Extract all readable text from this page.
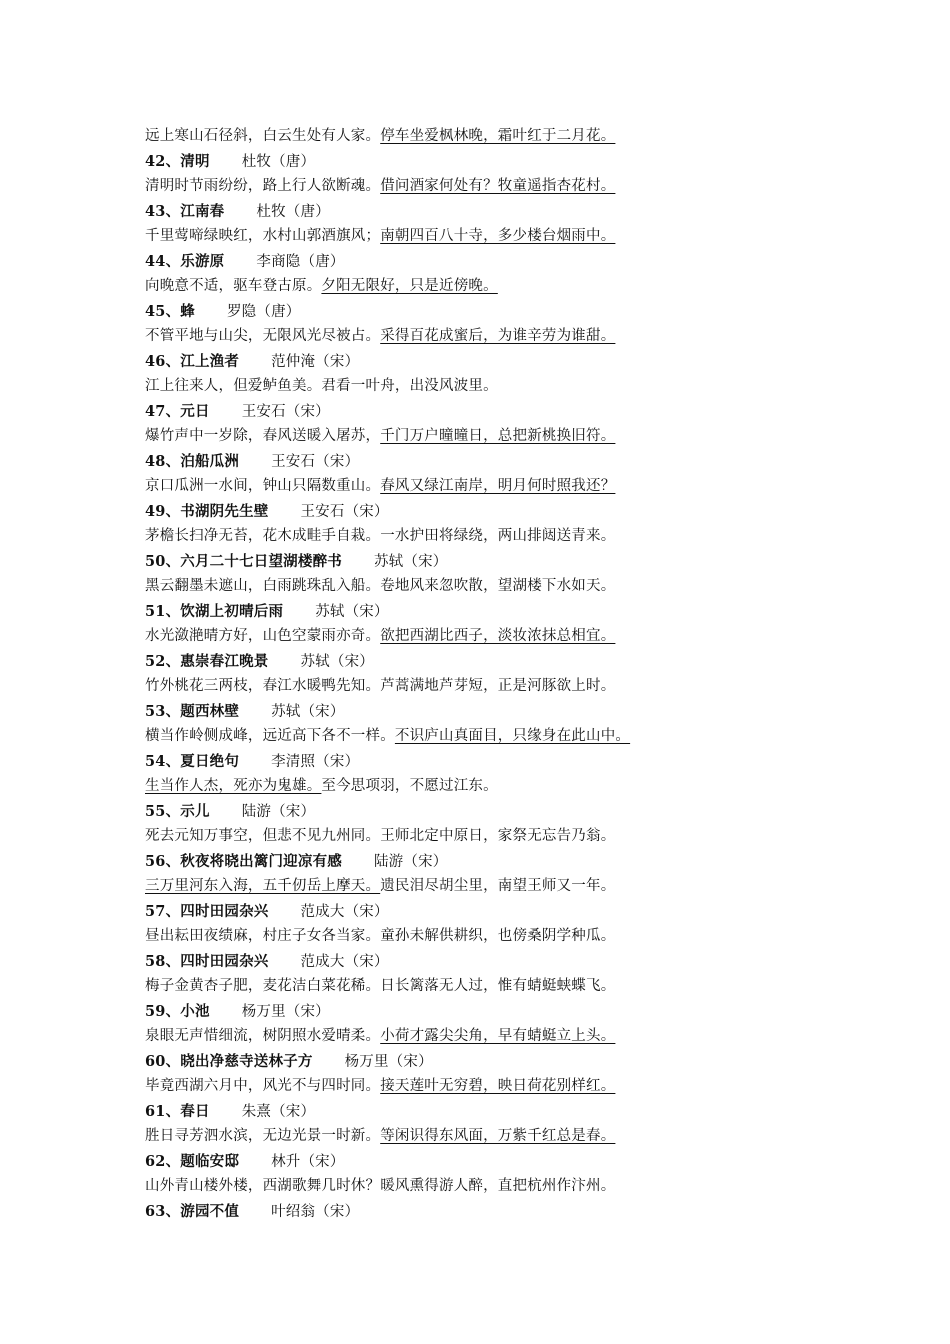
远上寒山石径斜，白云生处有人家。停车坐爱枫林晚，霜叶红于二月花。
42、清明 杜牧（唐）
清明时节雨纷纷，路上行人欲断魂。借问酒家何处有？牧童遥指杏花村。
43、江南春 杜牧（唐）
千里莺啼绿映红，水村山郭酒旗风；南朝四百八十寺，多少楼台烟雨中。
44、乐游原 李商隐（唐）
向晚意不适，驱车登古原。夕阳无限好，只是近傍晚。
45、蜂 罗隐（唐）
不管平地与山尖，无限风光尽被占。采得百花成蜜后，为谁辛劳为谁甜。
46、江上渔者 范仲淹（宋）
江上往来人，但爱鲈鱼美。君看一叶舟，出没风波里。
47、元日 王安石（宋）
爆竹声中一岁除，春风送暖入屠苏，千门万户曈曈日，总把新桃换旧符。
48、泊船瓜洲 王安石（宋）
京口瓜洲一水间，钟山只隔数重山。春风又绿江南岸，明月何时照我还？
49、书湖阴先生壁 王安石（宋）
茅檐长扫净无苔，花木成畦手自栽。一水护田将绿绕，两山排闼送青来。
50、六月二十七日望湖楼醉书 苏轼（宋）
黑云翻墨未遮山，白雨跳珠乱入船。卷地风来忽吹散，望湖楼下水如天。
51、饮湖上初晴后雨 苏轼（宋）
水光潋滟晴方好，山色空蒙雨亦奇。欲把西湖比西子，淡妆浓抹总相宜。
52、惠崇春江晚景 苏轼（宋）
竹外桃花三两枝，春江水暖鸭先知。芦蒿满地芦芽短，正是河豚欲上时。
53、题西林壁 苏轼（宋）
横当作岭侧成峰，远近高下各不一样。不识庐山真面目，只缘身在此山中。
54、夏日绝句 李清照（宋）
生当作人杰，死亦为鬼雄。至今思项羽，不愿过江东。
55、示儿 陆游（宋）
死去元知万事空，但悲不见九州同。王师北定中原日，家祭无忘告乃翁。
56、秋夜将晓出篱门迎凉有感 陆游（宋）
三万里河东入海，五千仞岳上摩天。遗民泪尽胡尘里，南望王师又一年。
57、四时田园杂兴 范成大（宋）
昼出耘田夜绩麻，村庄子女各当家。童孙未解供耕织，也傍桑阴学种瓜。
58、四时田园杂兴 范成大（宋）
梅子金黄杏子肥，麦花洁白菜花稀。日长篱落无人过，惟有蜻蜓蛱蝶飞。
59、小池 杨万里（宋）
泉眼无声惜细流，树阴照水爱晴柔。小荷才露尖尖角，早有蜻蜓立上头。
60、晓出净慈寺送林子方 杨万里（宋）
毕竟西湖六月中，风光不与四时同。接天莲叶无穷碧，映日荷花别样红。
61、春日 朱熹（宋）
胜日寻芳泗水滨，无边光景一时新。等闲识得东风面，万紫千红总是春。
62、题临安邸 林升（宋）
山外青山楼外楼，西湖歌舞几时休？暖风熏得游人醉，直把杭州作汴州。
63、游园不值 叶绍翁（宋）
